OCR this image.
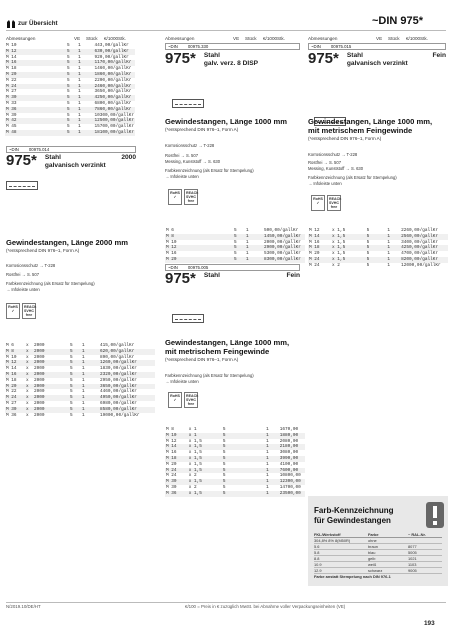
zur Übersicht	~DIN 975*
Abmessungen	VE	Stück	€/1000Stk.	Abmessungen	VE	Stück	€/1000Stk.	Abmessungen	VE	Stück	€/1000Stk.
M 10	5	1	443,00/gallKr
M 12	5	1	630,00/gallKr
M 14	5	1	920,00/gallKr
M 16	5	1	1170,00/gallKr
M 18	5	1	1460,00/gallKr
M 20	5	1	1860,00/gallKr
M 22	5	1	2200,00/gallKr
M 24	5	1	2460,00/gallKr
M 27	5	1	3650,00/gallKr
M 30	5	1	4250,00/gallKr
M 33	5	1	6800,00/gallKr
M 36	5	1	7860,00/gallKr
M 39	5	1	10300,00/gallKr
M 42	5	1	12500,00/gallKr
M 45	5	1	15700,00/gallKr
M 48	5	1	18100,00/gallKr
~DIN 00975.014
975* Stahl	2000
galvanisch verzinkt
Gewindestangen, Länge 2000 mm
(*entsprechend DIN 976–1, Form A)
Korrosionsschutz → T-228
Rostfrei → S. 507
Farbkennzeichnung (als Ersatz für Stempelung)
→ Infoleiste unten
RoHS
✓
REACh SVHC free
M 6	x	2000	5	1	415,00/gallKr
M 8	x	2000	5	1	620,00/gallKr
M 10	x	2000	5	1	890,00/gallKr
M 12	x	2000	5	1	1260,00/gallKr
M 14	x	2000	5	1	1830,00/gallKr
M 16	x	2000	5	1	2320,00/gallKr
M 18	x	2000	5	1	2950,00/gallKr
M 20	x	2000	5	1	3650,00/gallKr
M 22	x	2000	5	1	4460,00/gallKr
M 24	x	2000	5	1	4950,00/gallKr
M 27	x	2000	5	1	6980,00/gallKr
M 30	x	2000	5	1	8580,00/gallKr
M 36	x	2000	5	1	19000,00/gallKr
~DIN 00975.330
975* Stahl
galv. verz. 8 DISP
Gewindestangen, Länge 1000 mm
(*entsprechend DIN 976–1, Form A)
Korrosionsschutz → T-228
Rostfrei → S. 507
Messing, Kunststoff → S. 630
Farbkennzeichnung (als Ersatz für Stempelung)
→ Infoleiste unten
RoHS
✓
REACh SVHC free
M 6	5	1	500,00/gallKr
M 8	5	1	1450,00/gallKr
M 10	5	1	2000,00/gallKr
M 12	5	1	2900,00/gallKr
M 16	5	1	5300,00/gallKr
M 20	5	1	8300,00/gallKr
~DIN 00975.005
975* Stahl	Fein
Gewindestangen, Länge 1000 mm,
mit metrischem Feingewinde
(*entsprechend DIN 976–1, Form A)
Farbkennzeichnung (als Ersatz für Stempelung)
→ Infoleiste unten
RoHS
✓
REACh SVHC free
M 8	x 1	5	1	1670,00
M 10	x 1	5	1	1880,00
M 12	x 1,5	5	1	2080,00
M 14	x 1,5	5	1	2180,00
M 16	x 1,5	5	1	3080,00
M 18	x 1,5	5	1	3990,00
M 20	x 1,5	5	1	4100,00
M 24	x 1,5	5	1	7600,00
M 24	x 2	5	1	10800,00
M 30	x 1,5	5	1	12300,00
M 30	x 2	5	1	14700,00
M 36	x 1,5	5	1	23500,00
~DIN 00975.015
975* Stahl	Fein
galvanisch verzinkt
Gewindestangen, Länge 1000 mm,
mit metrischem Feingewinde
(*entsprechend DIN 976–1, Form A)
Korrosionsschutz → T-228
Rostfrei → S. 507
Messing, Kunststoff → S. 630
Farbkennzeichnung (als Ersatz für Stempelung)
→ Infoleiste unten
RoHS
✓
REACh SVHC free
M 12	x 1,5	5	1	2260,00/gallKr
M 14	x 1,5	5	1	2560,00/gallKr
M 16	x 1,5	5	1	3400,00/gallKr
M 18	x 1,5	5	1	4250,00/gallKr
M 20	x 1,5	5	1	4700,00/gallKr
M 24	x 1,5	5	1	8200,00/gallKr
M 24	x 2	5	1	12000,00/gallKr
Farb-Kennzeichnung
für Gewindestangen
FKL/Werkstoff	Farbe	~ RAL-Nr.
304,8% 8% 8(M50R)	ohne
5.6	braun	8077
5.8	blau	5005
8.8	gelb	1021
10.9	weiß	1103
12.9	schwarz	9005
Farbe anstatt Stempelung nach DIN 976-1
N/2019.10/DE/HT	€/100 = Preis in € zuzüglich MwSt. bei Abnahme voller Verpackungseinheiten (VE)
193
